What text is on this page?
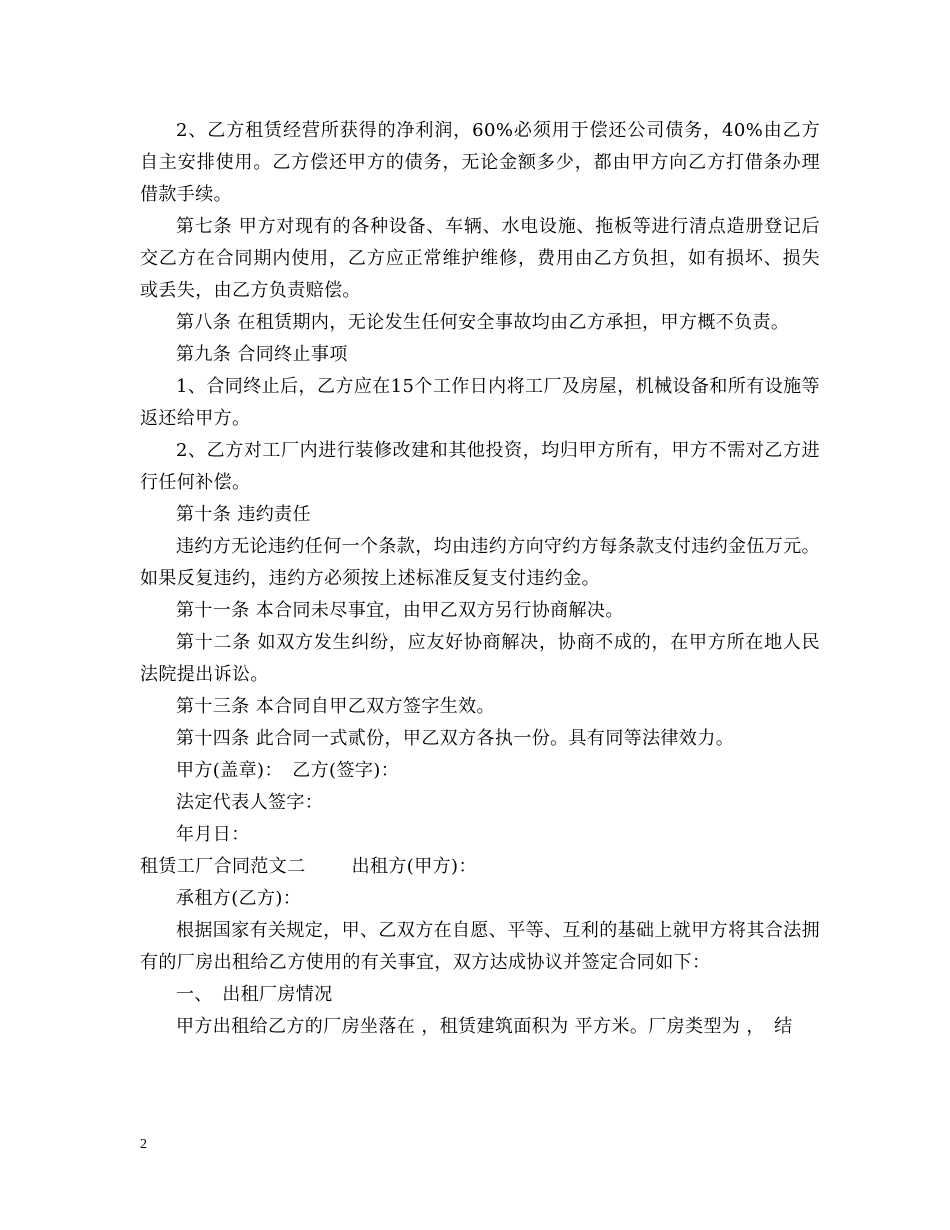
2、乙方租赁经营所获得的净利润，60%必须用于偿还公司债务，40%由乙方自主安排使用。乙方偿还甲方的债务，无论金额多少，都由甲方向乙方打借条办理借款手续。

第七条 甲方对现有的各种设备、车辆、水电设施、拖板等进行清点造册登记后交乙方在合同期内使用，乙方应正常维护维修，费用由乙方负担，如有损坏、损失或丢失，由乙方负责赔偿。

第八条 在租赁期内，无论发生任何安全事故均由乙方承担，甲方概不负责。

第九条 合同终止事项

1、合同终止后，乙方应在15个工作日内将工厂及房屋，机械设备和所有设施等返还给甲方。

2、乙方对工厂内进行装修改建和其他投资，均归甲方所有，甲方不需对乙方进行任何补偿。

第十条 违约责任

违约方无论违约任何一个条款，均由违约方向守约方每条款支付违约金伍万元。如果反复违约，违约方必须按上述标准反复支付违约金。

第十一条 本合同未尽事宜，由甲乙双方另行协商解决。

第十二条 如双方发生纠纷，应友好协商解决，协商不成的，在甲方所在地人民法院提出诉讼。

第十三条 本合同自甲乙双方签字生效。

第十四条 此合同一式贰份，甲乙双方各执一份。具有同等法律效力。

甲方(盖章)：　乙方(签字)：

法定代表人签字：

年月日：

租赁工厂合同范文二	出租方(甲方)：

承租方(乙方)：

根据国家有关规定，甲、乙双方在自愿、平等、互利的基础上就甲方将其合法拥有的厂房出租给乙方使用的有关事宜，双方达成协议并签定合同如下：

一、　出租厂房情况

甲方出租给乙方的厂房坐落在 ，租赁建筑面积为 平方米。厂房类型为 ，　结

2
